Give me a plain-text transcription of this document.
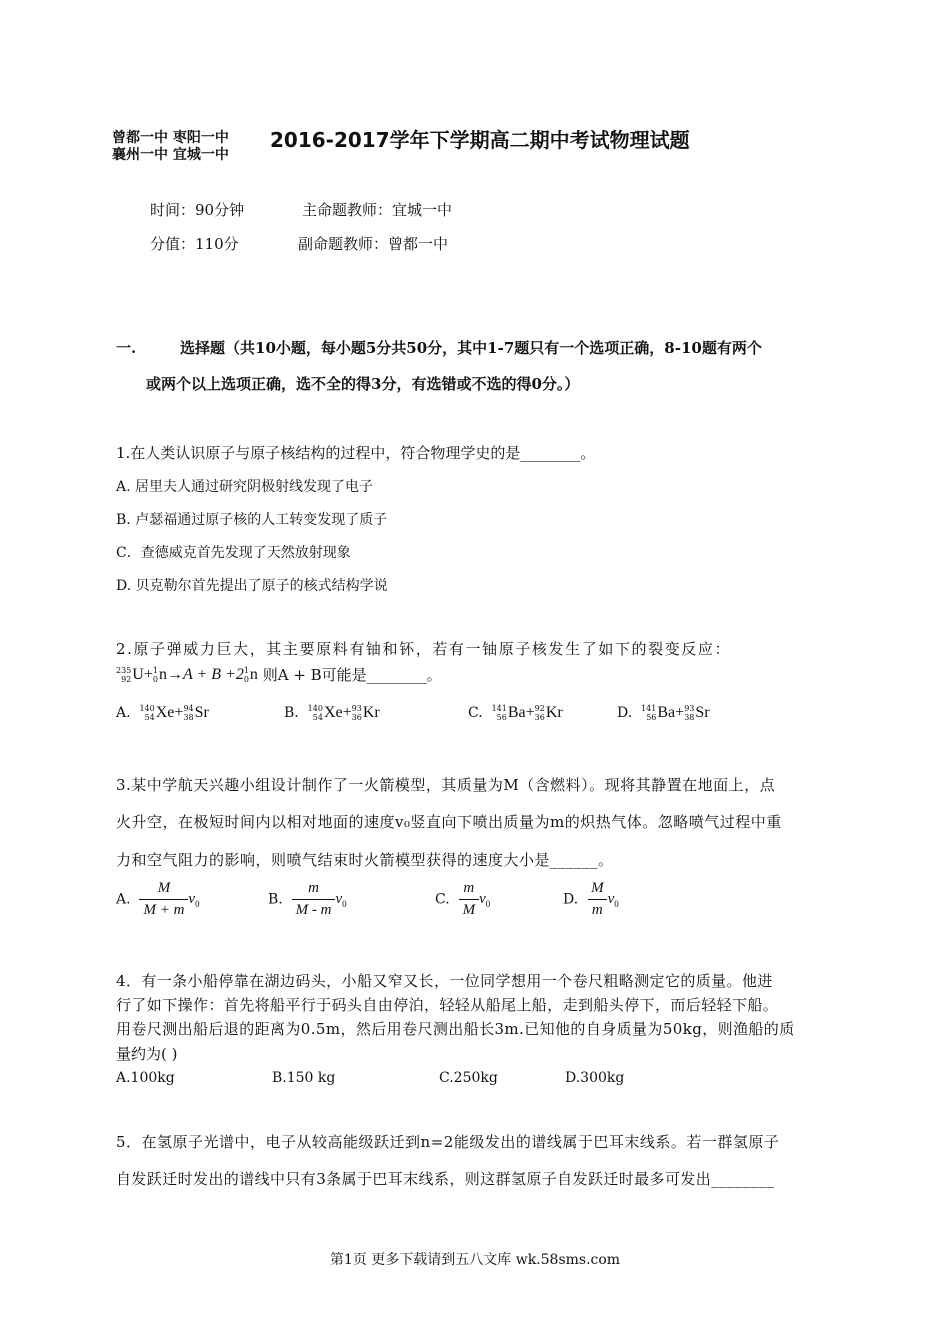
曾都一中 枣阳一中
襄州一中 宜城一中
2016-2017学年下学期高二期中考试物理试题
时间：90分钟	主命题教师：宜城一中
分值：110分	副命题教师：曾都一中
一.	选择题（共10小题，每小题5分共50分，其中1-7题只有一个选项正确，8-10题有两个
或两个以上选项正确，选不全的得3分，有选错或不选的得0分。）
1.在人类认识原子与原子核结构的过程中，符合物理学史的是________。
A. 居里夫人通过研究阴极射线发现了电子
B. 卢瑟福通过原子核的人工转变发现了质子
C．查德威克首先发现了天然放射现象
D. 贝克勒尔首先提出了原子的核式结构学说
2.原子弹威力巨大，其主要原料有铀和钚，若有一铀原子核发生了如下的裂变反应：
235
92 U+ 1
0 n→A + B +2 1
0 n 则A + B可能是________。
A. 140
54 Xe+ 94
38 Sr	B. 140
54 Xe+ 93
36 Kr	C. 141
56 Ba+ 92
36 Kr	D. 141
56 Ba+ 93
38 Sr
3.某中学航天兴趣小组设计制作了一火箭模型，其质量为M（含燃料）。现将其静置在地面上，点
火升空，在极短时间内以相对地面的速度v₀竖直向下喷出质量为m的炽热气体。忽略喷气过程中重
力和空气阻力的影响，则喷气结束时火箭模型获得的速度大小是______。
A. $\frac{M}{M + m} v_0$	B. $\frac{m}{M - m} v_0$	C. $\frac{m}{M} v_0$	D. $\frac{M}{m} v_0$
4．有一条小船停靠在湖边码头，小船又窄又长，一位同学想用一个卷尺粗略测定它的质量。他进
行了如下操作：首先将船平行于码头自由停泊，轻轻从船尾上船，走到船头停下，而后轻轻下船。
用卷尺测出船后退的距离为0.5m，然后用卷尺测出船长3m.已知他的自身质量为50kg，则渔船的质
量约为( )
A.100kg	B.150 kg	C.250kg	D.300kg
5．在氢原子光谱中，电子从较高能级跃迁到n=2能级发出的谱线属于巴耳末线系。若一群氢原子
自发跃迁时发出的谱线中只有3条属于巴耳末线系，则这群氢原子自发跃迁时最多可发出________
第1页 更多下载请到五八文库 wk.58sms.com
